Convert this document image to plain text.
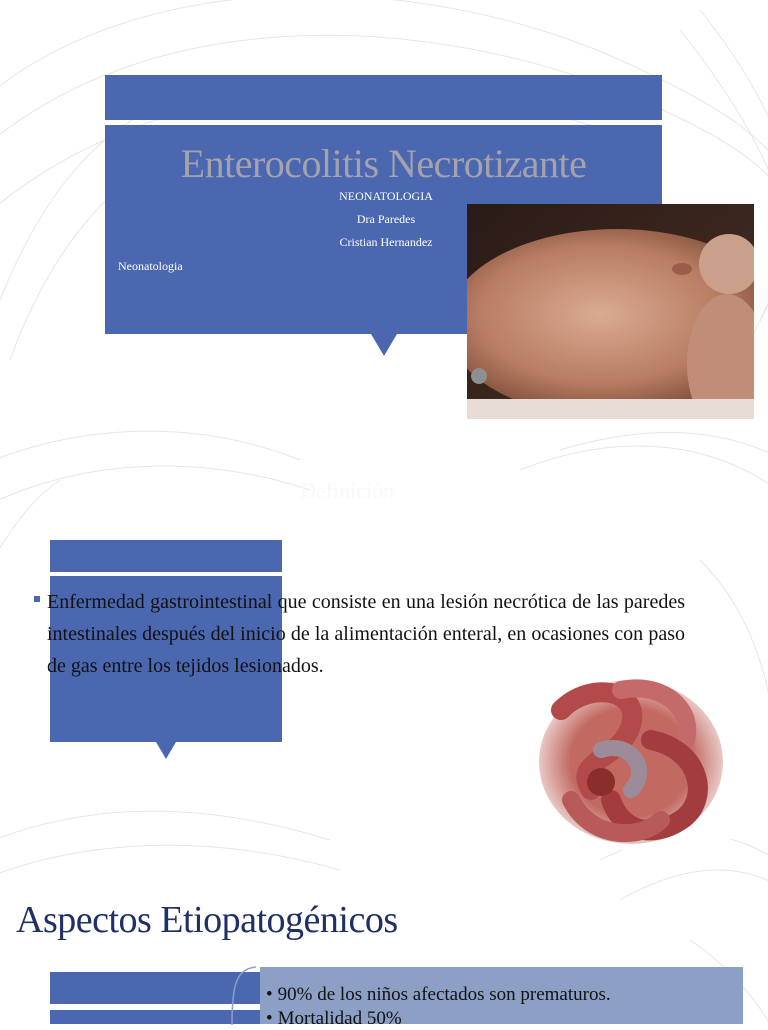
Enterocolitis Necrotizante
NEONATOLOGIA
Dra Paredes
Cristian Hernandez
Neonatologia
Definición
Enfermedad gastrointestinal que consiste en una lesión necrótica de las paredes intestinales después del inicio de la alimentación enteral, en ocasiones con paso de gas entre los tejidos lesionados.
Aspectos Etiopatogénicos
• 90% de los niños afectados son prematuros.
• Mortalidad 50%
